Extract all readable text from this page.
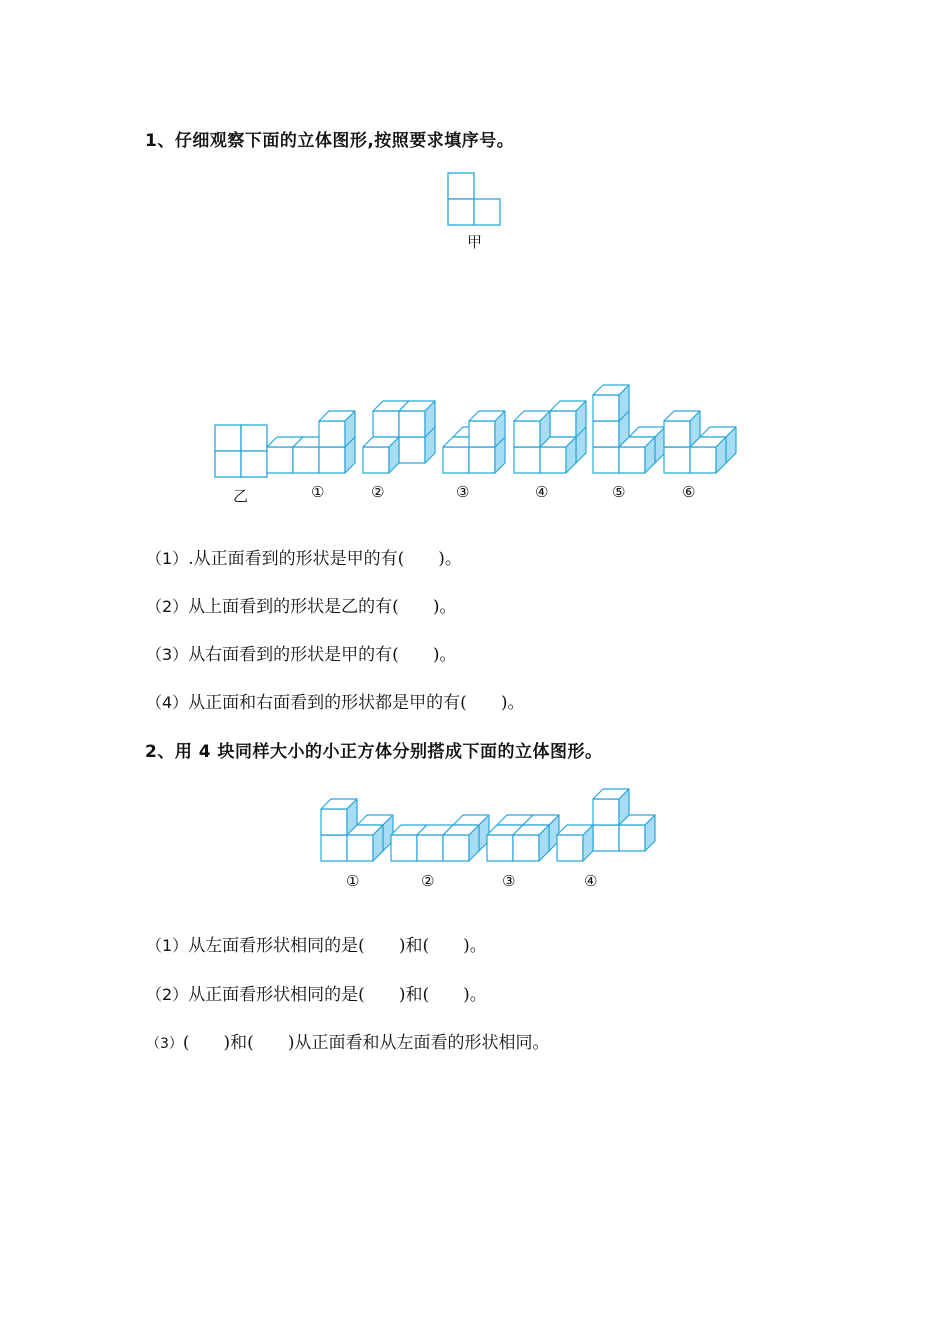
1、仔细观察下面的立体图形,按照要求填序号。
甲
乙	①	②	③	④	⑤	⑥
（1）.从正面看到的形状是甲的有(　　)。
（2）从上面看到的形状是乙的有(　　)。
（3）从右面看到的形状是甲的有(　　)。
（4）从正面和右面看到的形状都是甲的有(　　)。
2、用 4 块同样大小的小正方体分别搭成下面的立体图形。
①	②	③	④
（1）从左面看形状相同的是(　　)和(　　)。
（2）从正面看形状相同的是(　　)和(　　)。
（3）(　　)和(　　)从正面看和从左面看的形状相同。
